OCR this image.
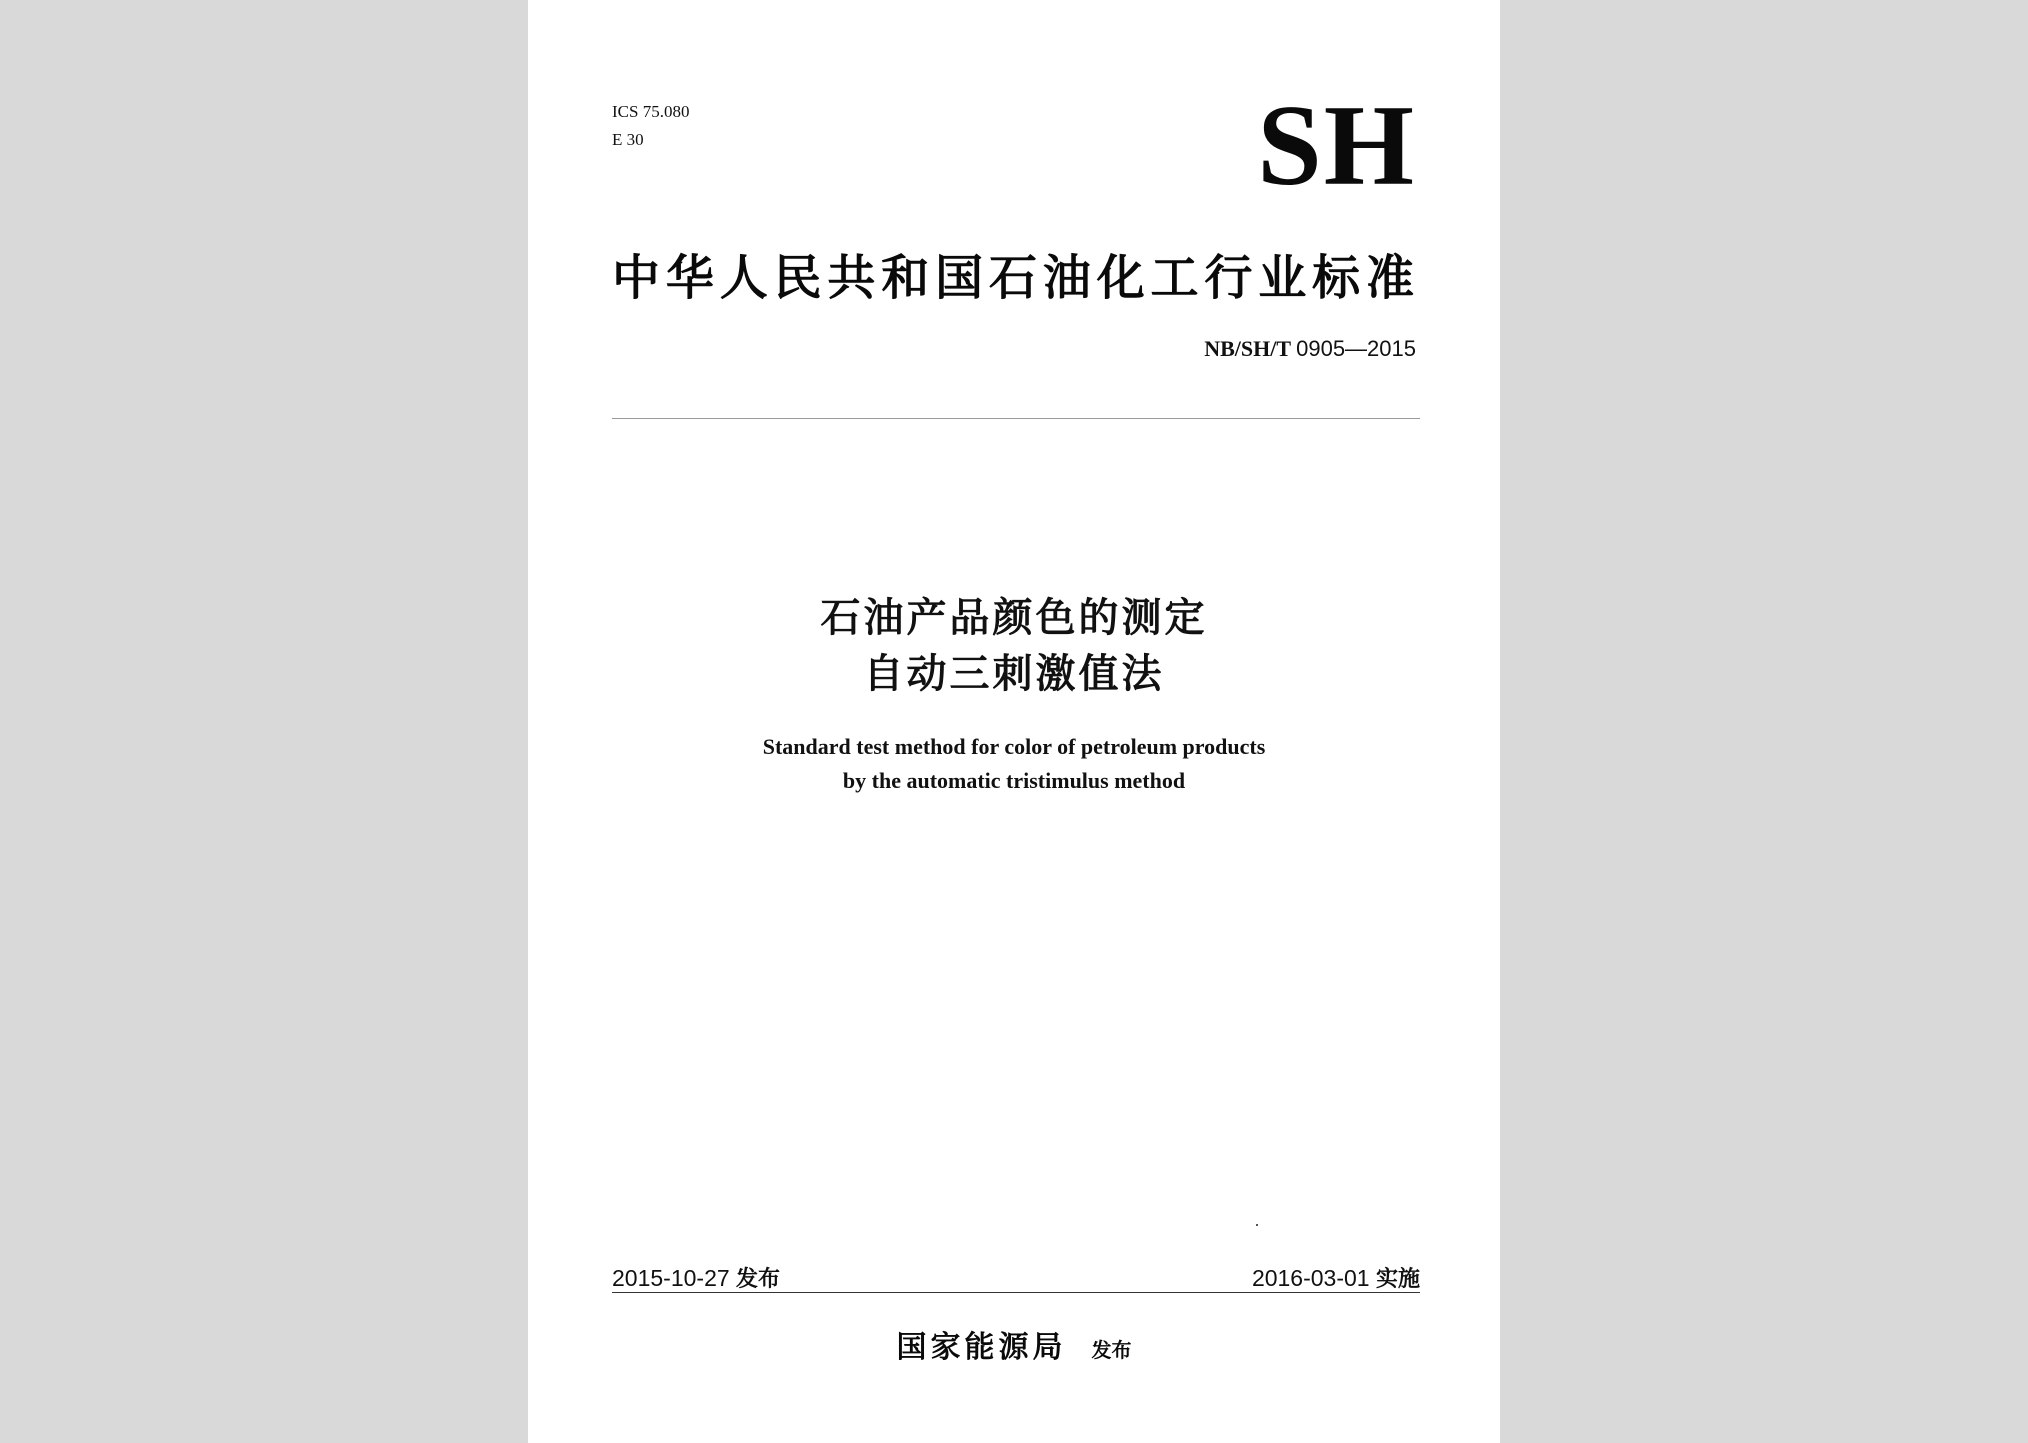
ICS 75.080
E 30	SH
中华人民共和国石油化工行业标准
NB/SH/T 0905—2015
石油产品颜色的测定
自动三刺激值法
Standard test method for color of petroleum products
by the automatic tristimulus method
2015-10-27 发布	2016-03-01 实施
国家能源局 发布
